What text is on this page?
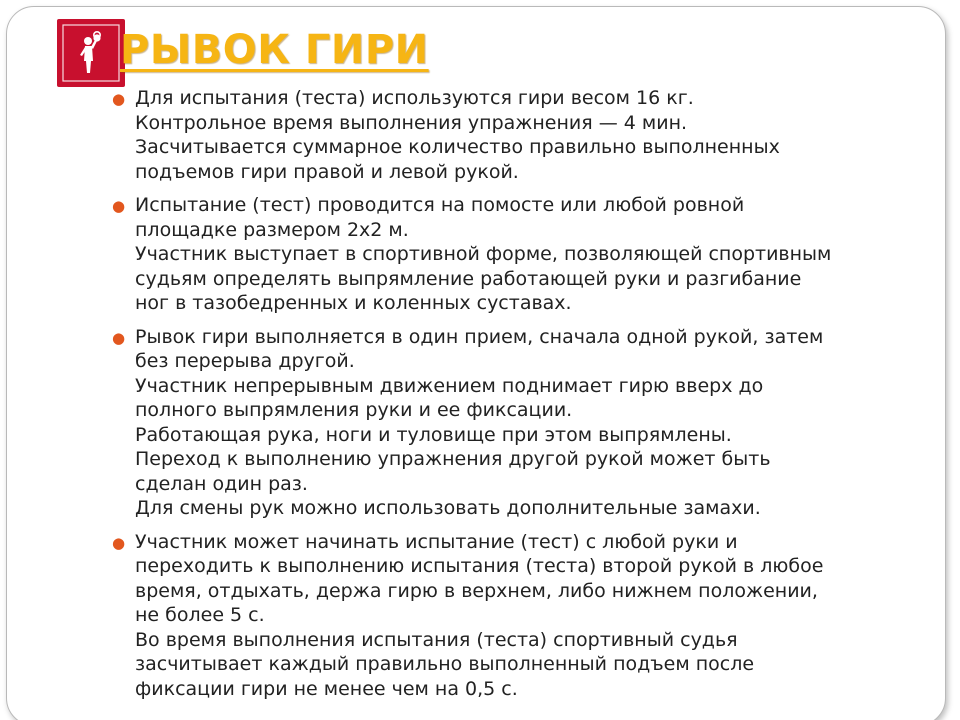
РЫВОК ГИРИ
● Для испытания (теста) используются гири весом 16 кг.
Контрольное время выполнения упражнения — 4 мин.
Засчитывается суммарное количество правильно выполненных
подъемов гири правой и левой рукой.
● Испытание (тест) проводится на помосте или любой ровной
площадке размером 2х2 м.
Участник выступает в спортивной форме, позволяющей спортивным
судьям определять выпрямление работающей руки и разгибание
ног в тазобедренных и коленных суставах.
● Рывок гири выполняется в один прием, сначала одной рукой, затем
без перерыва другой.
Участник непрерывным движением поднимает гирю вверх до
полного выпрямления руки и ее фиксации.
Работающая рука, ноги и туловище при этом выпрямлены.
Переход к выполнению упражнения другой рукой может быть
сделан один раз.
Для смены рук можно использовать дополнительные замахи.
● Участник может начинать испытание (тест) с любой руки и
переходить к выполнению испытания (теста) второй рукой в любое
время, отдыхать, держа гирю в верхнем, либо нижнем положении,
не более 5 с.
Во время выполнения испытания (теста) спортивный судья
засчитывает каждый правильно выполненный подъем после
фиксации гири не менее чем на 0,5 с.
